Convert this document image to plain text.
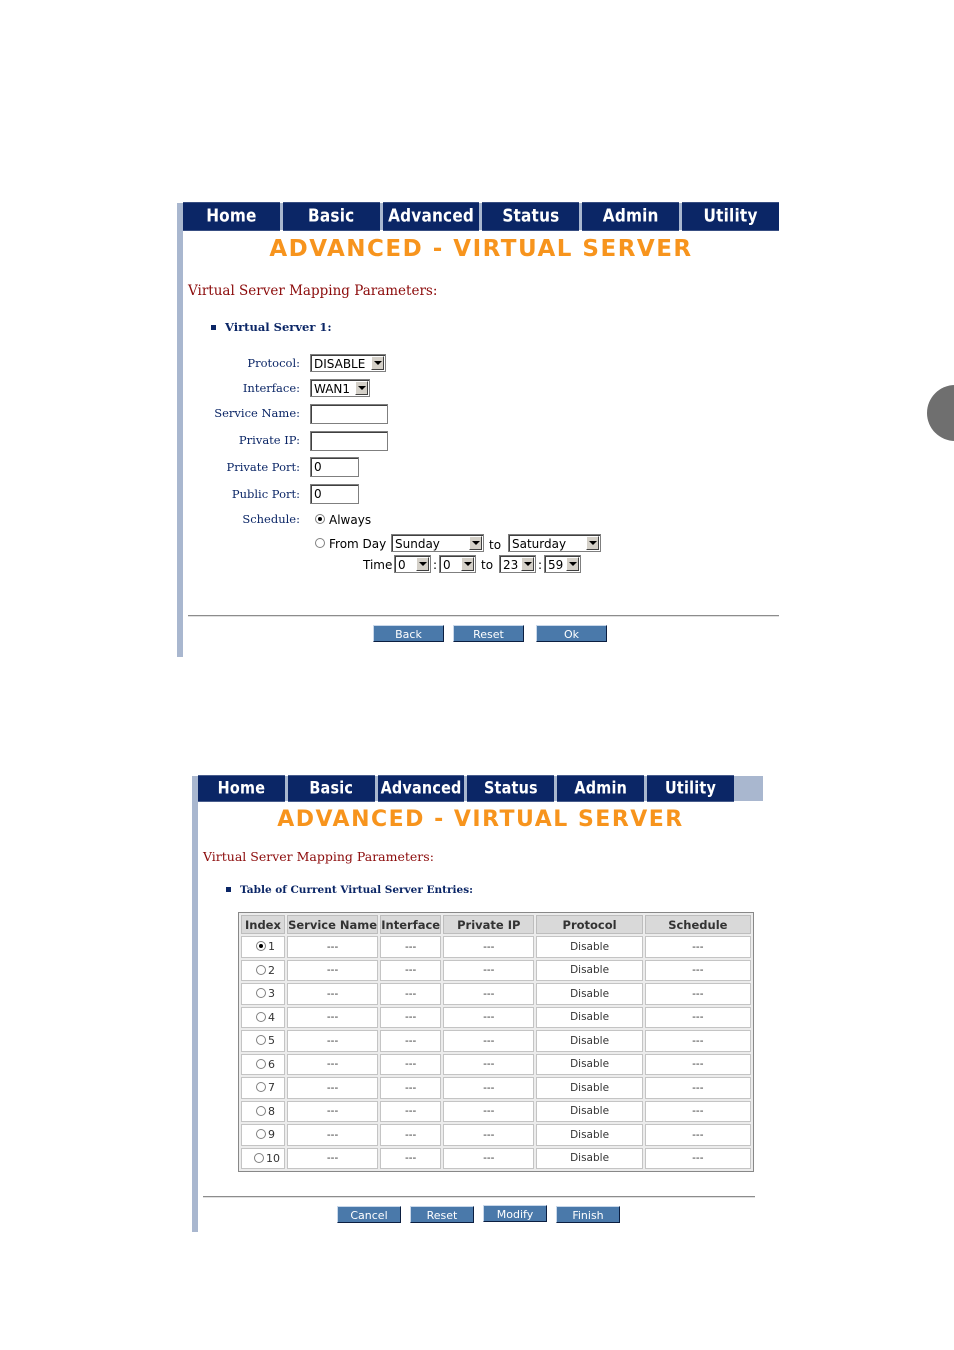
Home	Basic	Advanced	Status	Admin	Utility
ADVANCED - VIRTUAL SERVER
Virtual Server Mapping Parameters:
Virtual Server 1:
Protocol:	DISABLE
Interface:	WAN1
Service Name:
Private IP:
Private Port:
0
Public Port:
0
Schedule: Always
From Day Sunday	to Saturday
Time 0	: 0	to 23	: 59
Back	Reset	Ok
Home	Basic	Advanced	Status	Admin	Utility
ADVANCED - VIRTUAL SERVER
Virtual Server Mapping Parameters:
Table of Current Virtual Server Entries:
Index	Service Name	Interface	Private IP	Protocol	Schedule
1	---	---	---	Disable	---
2	---	---	---	Disable	---
3	---	---	---	Disable	---
4	---	---	---	Disable	---
5	---	---	---	Disable	---
6	---	---	---	Disable	---
7	---	---	---	Disable	---
8	---	---	---	Disable	---
9	---	---	---	Disable	---
10	---	---	---	Disable	---
Cancel	Reset	Modify	Finish
